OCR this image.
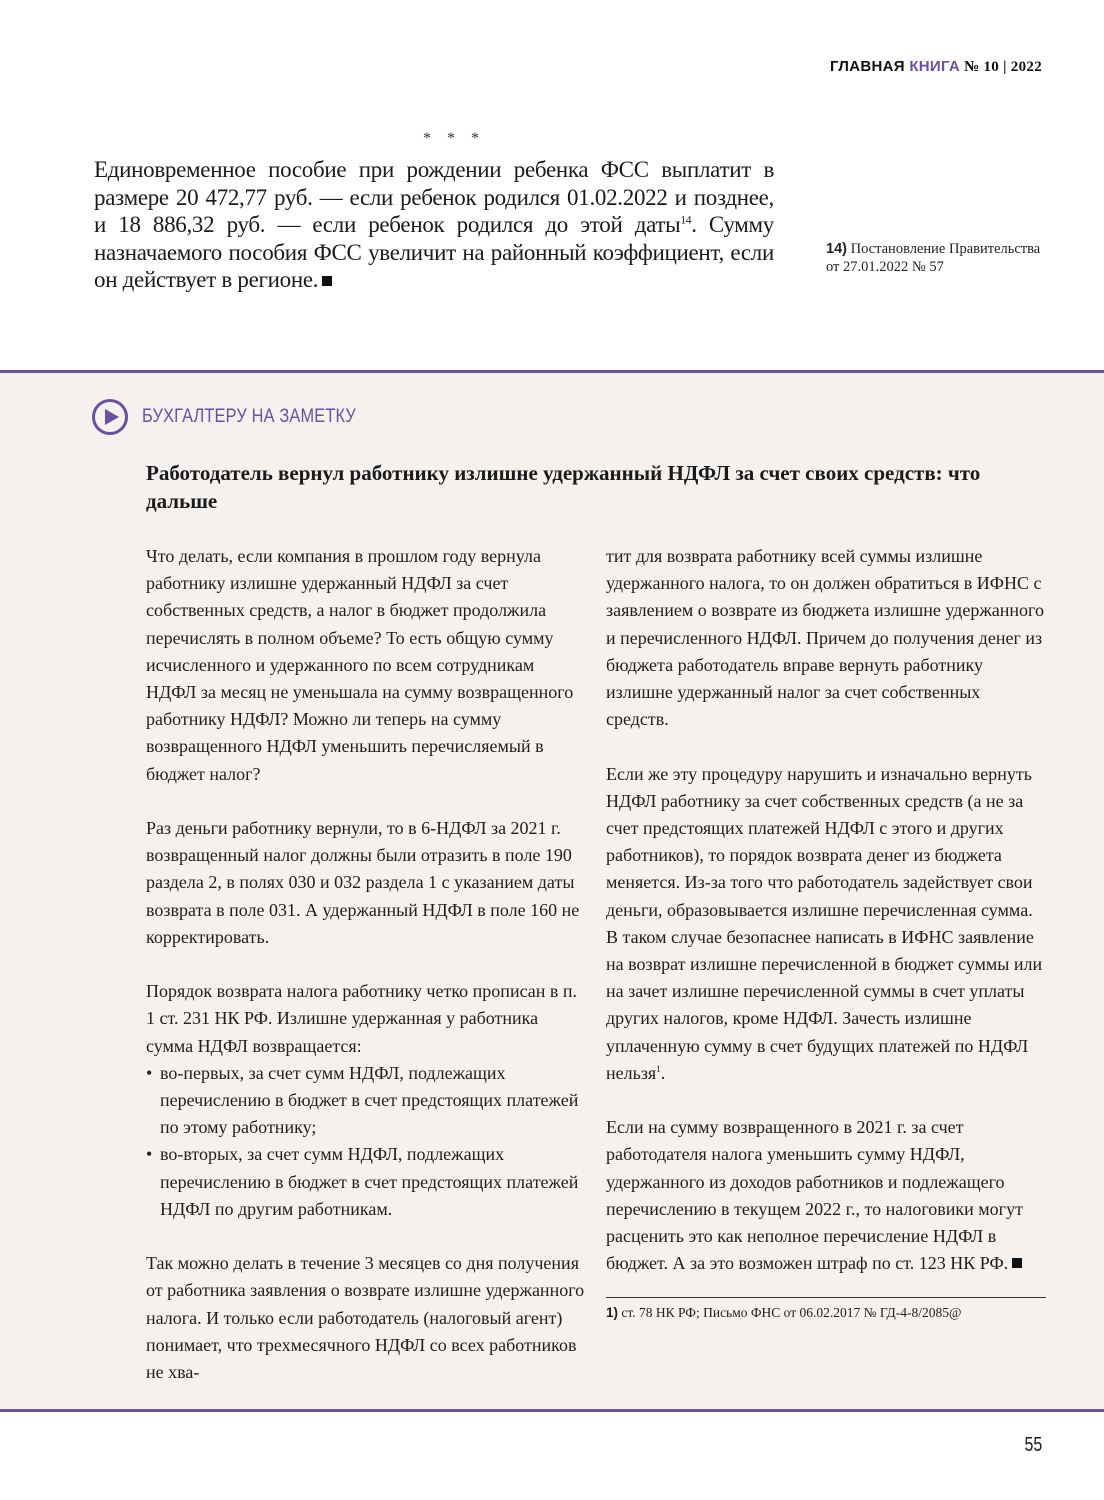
ГЛАВНАЯ КНИГА № 10 | 2022
* * *

Единовременное пособие при рождении ребенка ФСС выплатит в размере 20 472,77 руб. — если ребенок родился 01.02.2022 и позднее, и 18 886,32 руб. — если ребенок родился до этой даты$^{14}$. Сумму назначаемого пособия ФСС увеличит на районный коэффициент, если он действует в регионе.

14) Постановление Правительства от 27.01.2022 № 57
БУХГАЛТЕРУ НА ЗАМЕТКУ
Работодатель вернул работнику излишне удержанный НДФЛ за счет своих средств: что дальше

Что делать, если компания в прошлом году вернула работнику излишне удержанный НДФЛ за счет собственных средств, а налог в бюджет продолжила перечислять в полном объеме? То есть общую сумму исчисленного и удержанного по всем сотрудникам НДФЛ за месяц не уменьшала на сумму возвращенного работнику НДФЛ? Можно ли теперь на сумму возвращенного НДФЛ уменьшить перечисляемый в бюджет налог?

Раз деньги работнику вернули, то в 6-НДФЛ за 2021 г. возвращенный налог должны были отразить в поле 190 раздела 2, в полях 030 и 032 раздела 1 с указанием даты возврата в поле 031. А удержанный НДФЛ в поле 160 не корректировать.

Порядок возврата налога работнику четко прописан в п. 1 ст. 231 НК РФ. Излишне удержанная у работника сумма НДФЛ возвращается:

• во-первых, за счет сумм НДФЛ, подлежащих перечислению в бюджет в счет предстоящих платежей по этому работнику;
• во-вторых, за счет сумм НДФЛ, подлежащих перечислению в бюджет в счет предстоящих платежей НДФЛ по другим работникам.

Так можно делать в течение 3 месяцев со дня получения от работника заявления о возврате излишне удержанного налога. И только если работодатель (налоговый агент) понимает, что трехмесячного НДФЛ со всех работников не хва-

тит для возврата работнику всей суммы излишне удержанного налога, то он должен обратиться в ИФНС с заявлением о возврате из бюджета излишне удержанного и перечисленного НДФЛ. Причем до получения денег из бюджета работодатель вправе вернуть работнику излишне удержанный налог за счет собственных средств.

Если же эту процедуру нарушить и изначально вернуть НДФЛ работнику за счет собственных средств (а не за счет предстоящих платежей НДФЛ с этого и других работников), то порядок возврата денег из бюджета меняется. Из-за того что работодатель задействует свои деньги, образовывается излишне перечисленная сумма. В таком случае безопаснее написать в ИФНС заявление на возврат излишне перечисленной в бюджет суммы или на зачет излишне перечисленной суммы в счет уплаты других налогов, кроме НДФЛ. Зачесть излишне уплаченную сумму в счет будущих платежей по НДФЛ нельзя$^1$.

Если на сумму возвращенного в 2021 г. за счет работодателя налога уменьшить сумму НДФЛ, удержанного из доходов работников и подлежащего перечислению в текущем 2022 г., то налоговики могут расценить это как неполное перечисление НДФЛ в бюджет. А за это возможен штраф по ст. 123 НК РФ.

1) ст. 78 НК РФ; Письмо ФНС от 06.02.2017 № ГД-4-8/2085@
55
